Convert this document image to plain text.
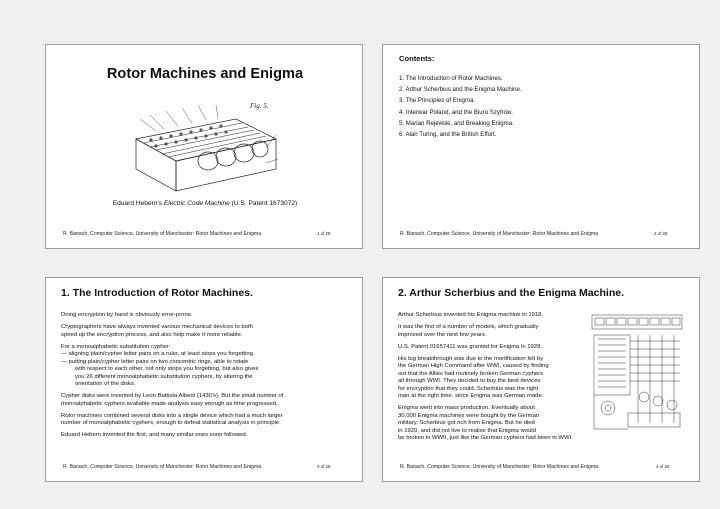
Rotor Machines and Enigma
Fig. 5.
Eduard Hebern's Electric Code Machine (U.S. Patent 1673072)
R. Banach, Computer Science, University of Manchester: Rotor Machines and Enigma	1 of 28
Contents:
1. The Introduction of Rotor Machines.
2. Arthur Scherbius and the Enigma Machine.
3. The Principles of Enigma.
4. Interwar Poland, and the Biuro Szyfrów.
5. Marian Rejewski, and Breaking Enigma.
6. Alan Turing, and the British Effort.
R. Banach, Computer Science, University of Manchester: Rotor Machines and Enigma	2 of 28
1. The Introduction of Rotor Machines.

Doing encryption by hand is obviously error-prone.

Cryptographers have always invented various mechanical devices to both
speed up the encryption process, and also help make it more reliable.

For a monoalphabetic substitution cypher:
— aligning plain/cypher letter pairs on a ruler, at least stops you forgetting.
— putting plain/cypher letter pairs on two concentric rings, able to rotate
with respect to each other, not only stops you forgetting, but also gives
you 26 different monoalphabetic substitution cyphers, by altering the
orientation of the disks.

Cypher disks were invented by Leon Battista Alberti (1430's). But the small number of
monoalphabetic cyphers available made analysis easy enough as time progressed.

Rotor machines combined several disks into a single device which had a much larger
number of monoalphabetic cyphers, enough to defeat statistical analysis in principle.

Eduard Hebern invented the first, and many similar ones soon followed.

R. Banach, Computer Science, University of Manchester: Rotor Machines and Enigma	3 of 28
2. Arthur Scherbius and the Enigma Machine.

Arthur Scherbius invented his Enigma machine in 1918.

It was the first of a number of models, which gradually
improved over the next few years.

U.S. Patent 01657411 was granted for Enigma in 1928.

His big breakthrough was due to the mortification felt by
the German High Command after WWI, caused by finding
out that the Allies had routinely broken German cyphers
all through WWI. They decided to buy the best devices
for encryption that they could. Scherbius was the right
man at the right time, since Enigma was German made.

Enigma went into mass production. Eventually about
30,000 Enigma machines were bought by the German
military. Scherbius got rich from Enigma. But he died
in 1929, and did not live to realise that Enigma would
be broken in WWII, just like the German cyphers had been in WWI.

R. Banach, Computer Science, University of Manchester: Rotor Machines and Enigma	4 of 28
